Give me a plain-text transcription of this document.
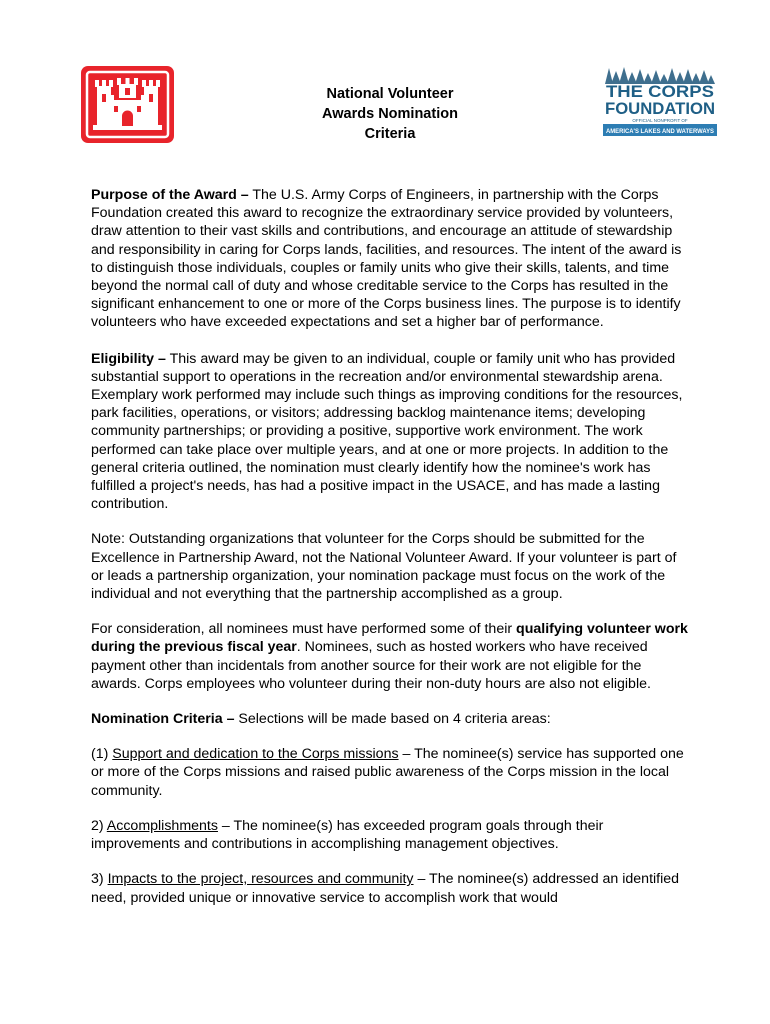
National Volunteer
Awards Nomination
Criteria
THE CORPS
FOUNDATION
OFFICIAL NONPROFIT OF
AMERICA'S LAKES AND WATERWAYS

Purpose of the Award – The U.S. Army Corps of Engineers, in partnership with the Corps Foundation created this award to recognize the extraordinary service provided by volunteers, draw attention to their vast skills and contributions, and encourage an attitude of stewardship and responsibility in caring for Corps lands, facilities, and resources. The intent of the award is to distinguish those individuals, couples or family units who give their skills, talents, and time beyond the normal call of duty and whose creditable service to the Corps has resulted in the significant enhancement to one or more of the Corps business lines. The purpose is to identify volunteers who have exceeded expectations and set a higher bar of performance.

Eligibility – This award may be given to an individual, couple or family unit who has provided substantial support to operations in the recreation and/or environmental stewardship arena. Exemplary work performed may include such things as improving conditions for the resources, park facilities, operations, or visitors; addressing backlog maintenance items; developing community partnerships; or providing a positive, supportive work environment. The work performed can take place over multiple years, and at one or more projects. In addition to the general criteria outlined, the nomination must clearly identify how the nominee's work has fulfilled a project's needs, has had a positive impact in the USACE, and has made a lasting contribution.

Note: Outstanding organizations that volunteer for the Corps should be submitted for the Excellence in Partnership Award, not the National Volunteer Award. If your volunteer is part of or leads a partnership organization, your nomination package must focus on the work of the individual and not everything that the partnership accomplished as a group.

For consideration, all nominees must have performed some of their qualifying volunteer work during the previous fiscal year. Nominees, such as hosted workers who have received payment other than incidentals from another source for their work are not eligible for the awards. Corps employees who volunteer during their non-duty hours are also not eligible.

Nomination Criteria – Selections will be made based on 4 criteria areas:

(1) Support and dedication to the Corps missions – The nominee(s) service has supported one or more of the Corps missions and raised public awareness of the Corps mission in the local community.

2) Accomplishments – The nominee(s) has exceeded program goals through their improvements and contributions in accomplishing management objectives.

3) Impacts to the project, resources and community – The nominee(s) addressed an identified need, provided unique or innovative service to accomplish work that would
